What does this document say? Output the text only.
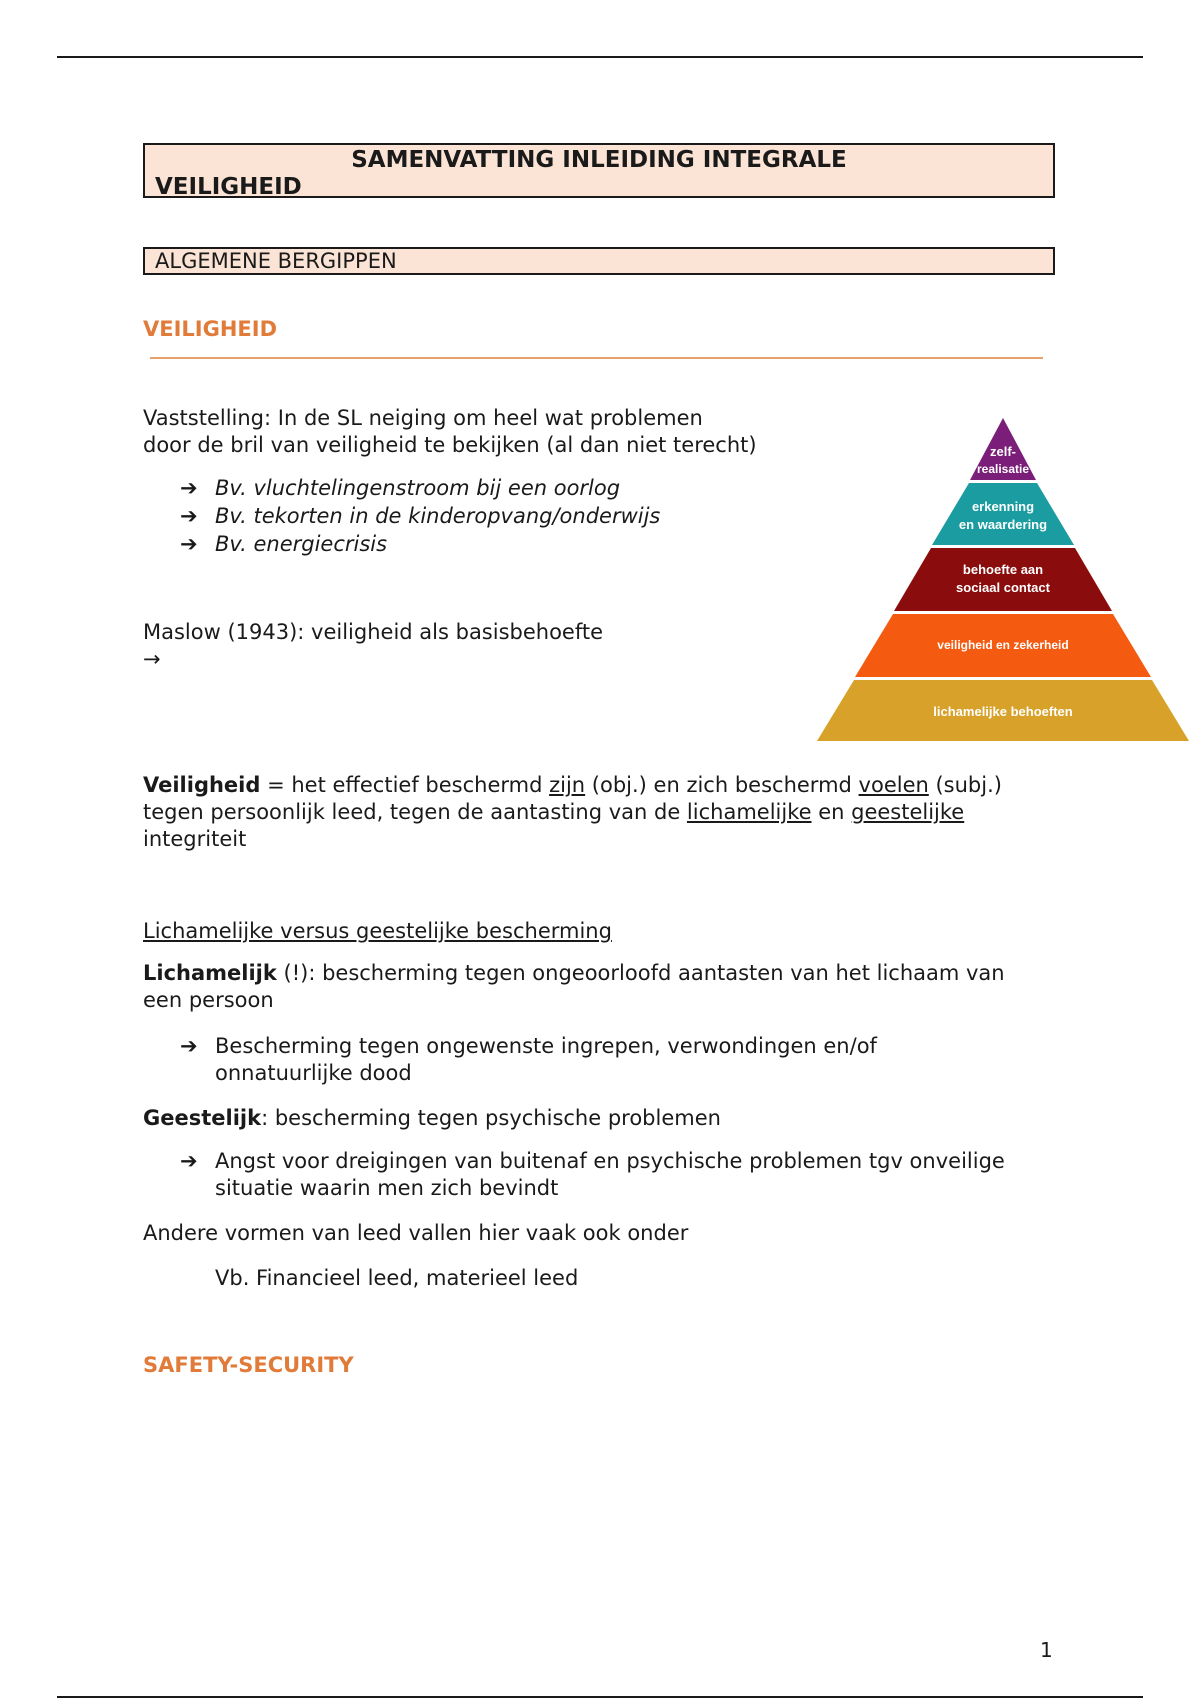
SAMENVATTING INLEIDING INTEGRALE
VEILIGHEID
ALGEMENE BERGIPPEN
VEILIGHEID
Vaststelling: In de SL neiging om heel wat problemen
door de bril van veiligheid te bekijken (al dan niet terecht)
➔ Bv. vluchtelingenstroom bij een oorlog
➔ Bv. tekorten in de kinderopvang/onderwijs
➔ Bv. energiecrisis
Maslow (1943): veiligheid als basisbehoefte
→
zelf-
realisatie
erkenning
en waardering
behoefte aan
sociaal contact
veiligheid en zekerheid
lichamelijke behoeften
Veiligheid = het effectief beschermd zijn (obj.) en zich beschermd voelen (subj.)
tegen persoonlijk leed, tegen de aantasting van de lichamelijke en geestelijke
integriteit
Lichamelijke versus geestelijke bescherming
Lichamelijk (!): bescherming tegen ongeoorloofd aantasten van het lichaam van
een persoon
➔ Bescherming tegen ongewenste ingrepen, verwondingen en/of
onnatuurlijke dood
Geestelijk: bescherming tegen psychische problemen
➔ Angst voor dreigingen van buitenaf en psychische problemen tgv onveilige
situatie waarin men zich bevindt
Andere vormen van leed vallen hier vaak ook onder
Vb. Financieel leed, materieel leed
SAFETY-SECURITY
1
